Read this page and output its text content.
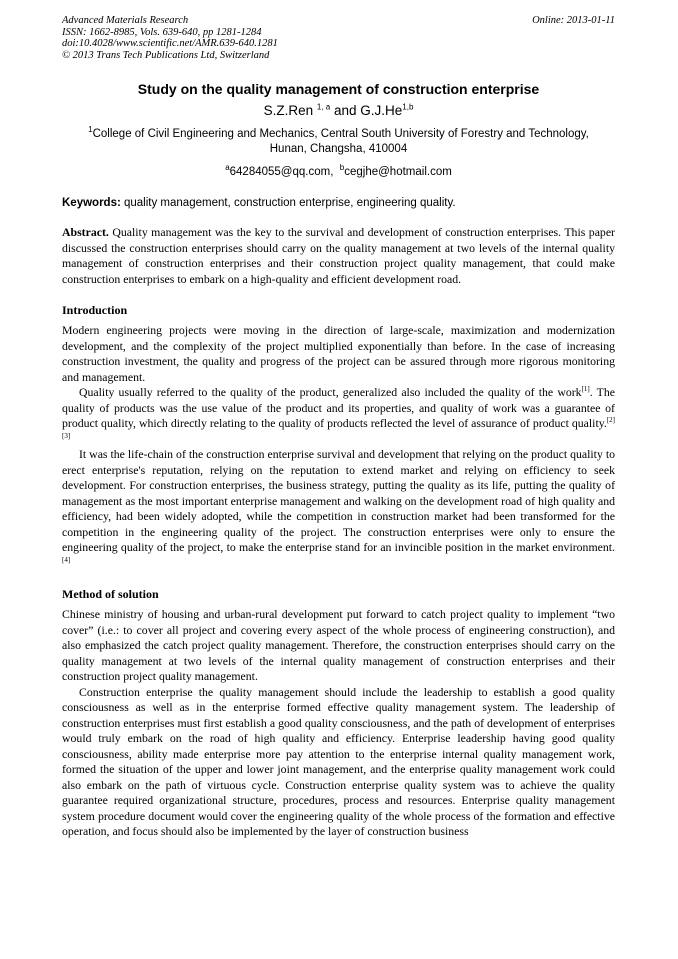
Advanced Materials Research
ISSN: 1662-8985, Vols. 639-640, pp 1281-1284
doi:10.4028/www.scientific.net/AMR.639-640.1281
© 2013 Trans Tech Publications Ltd, Switzerland
Online: 2013-01-11
Study on the quality management of construction enterprise
S.Z.Ren $^{1, a}$ and G.J.He$^{1,b}$
$^1$College of Civil Engineering and Mechanics, Central South University of Forestry and Technology,
Hunan, Changsha, 410004
$^a$64284055@qq.com, $^b$cegjhe@hotmail.com
Keywords: quality management, construction enterprise, engineering quality.
Abstract. Quality management was the key to the survival and development of construction enterprises. This paper discussed the construction enterprises should carry on the quality management at two levels of the internal quality management of construction enterprises and their construction project quality management, that could make construction enterprises to embark on a high-quality and efficient development road.
Introduction

Modern engineering projects were moving in the direction of large-scale, maximization and modernization development, and the complexity of the project multiplied exponentially than before. In the case of increasing construction investment, the quality and progress of the project can be assured through more rigorous monitoring and management.

Quality usually referred to the quality of the product, generalized also included the quality of the work[1]. The quality of products was the use value of the product and its properties, and quality of work was a guarantee of product quality, which directly relating to the quality of products reflected the level of assurance of product quality.[2][3]

It was the life-chain of the construction enterprise survival and development that relying on the product quality to erect enterprise's reputation, relying on the reputation to extend market and relying on efficiency to seek development. For construction enterprises, the business strategy, putting the quality as its life, putting the quality of management as the most important enterprise management and walking on the development road of high quality and efficiency, had been widely adopted, while the competition in construction market had been transformed for the competition in the engineering quality of the project. The construction enterprises were only to ensure the engineering quality of the project, to make the enterprise stand for an invincible position in the market environment.[4]

Method of solution

Chinese ministry of housing and urban-rural development put forward to catch project quality to implement “two cover” (i.e.: to cover all project and covering every aspect of the whole process of engineering construction), and also emphasized the catch project quality management. Therefore, the construction enterprises should carry on the quality management at two levels of the internal quality management of construction enterprises and their construction project quality management.

Construction enterprise the quality management should include the leadership to establish a good quality consciousness as well as in the enterprise formed effective quality management system. The leadership of construction enterprises must first establish a good quality consciousness, and the path of development of enterprises would truly embark on the road of high quality and efficiency. Enterprise leadership having good quality consciousness, ability made enterprise more pay attention to the enterprise internal quality management work, formed the situation of the upper and lower joint management, and the enterprise quality management work could also embark on the path of virtuous cycle. Construction enterprise quality system was to achieve the quality guarantee required organizational structure, procedures, process and resources. Enterprise quality management system procedure document would cover the engineering quality of the whole process of the formation and effective operation, and focus should also be implemented by the layer of construction business
